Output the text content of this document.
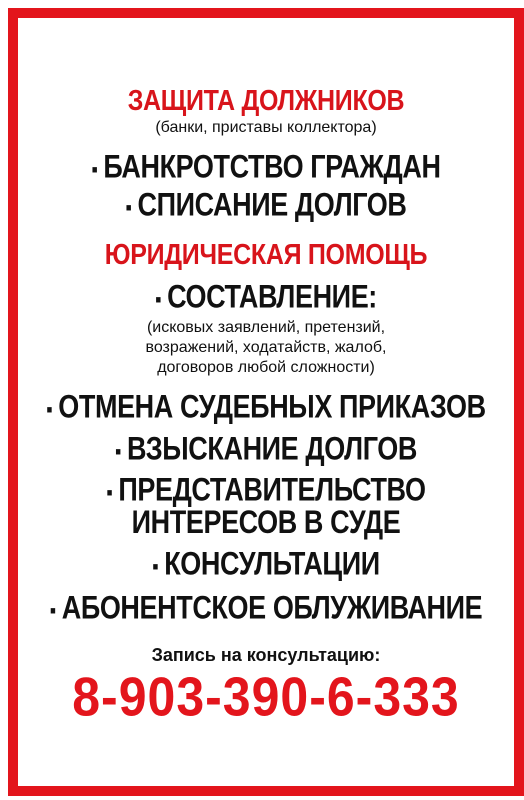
ЗАЩИТА ДОЛЖНИКОВ
(банки, приставы коллектора)
▪ БАНКРОТСТВО ГРАЖДАН
▪ СПИСАНИЕ ДОЛГОВ
ЮРИДИЧЕСКАЯ ПОМОЩЬ
▪ СОСТАВЛЕНИЕ:
(исковых заявлений, претензий,
возражений, ходатайств, жалоб,
договоров любой сложности)
▪ ОТМЕНА СУДЕБНЫХ ПРИКАЗОВ
▪ ВЗЫСКАНИЕ ДОЛГОВ
▪ ПРЕДСТАВИТЕЛЬСТВО
ИНТЕРЕСОВ В СУДЕ
▪ КОНСУЛЬТАЦИИ
▪ АБОНЕНТСКОЕ ОБЛУЖИВАНИЕ
Запись на консультацию:
8-903-390-6-333
